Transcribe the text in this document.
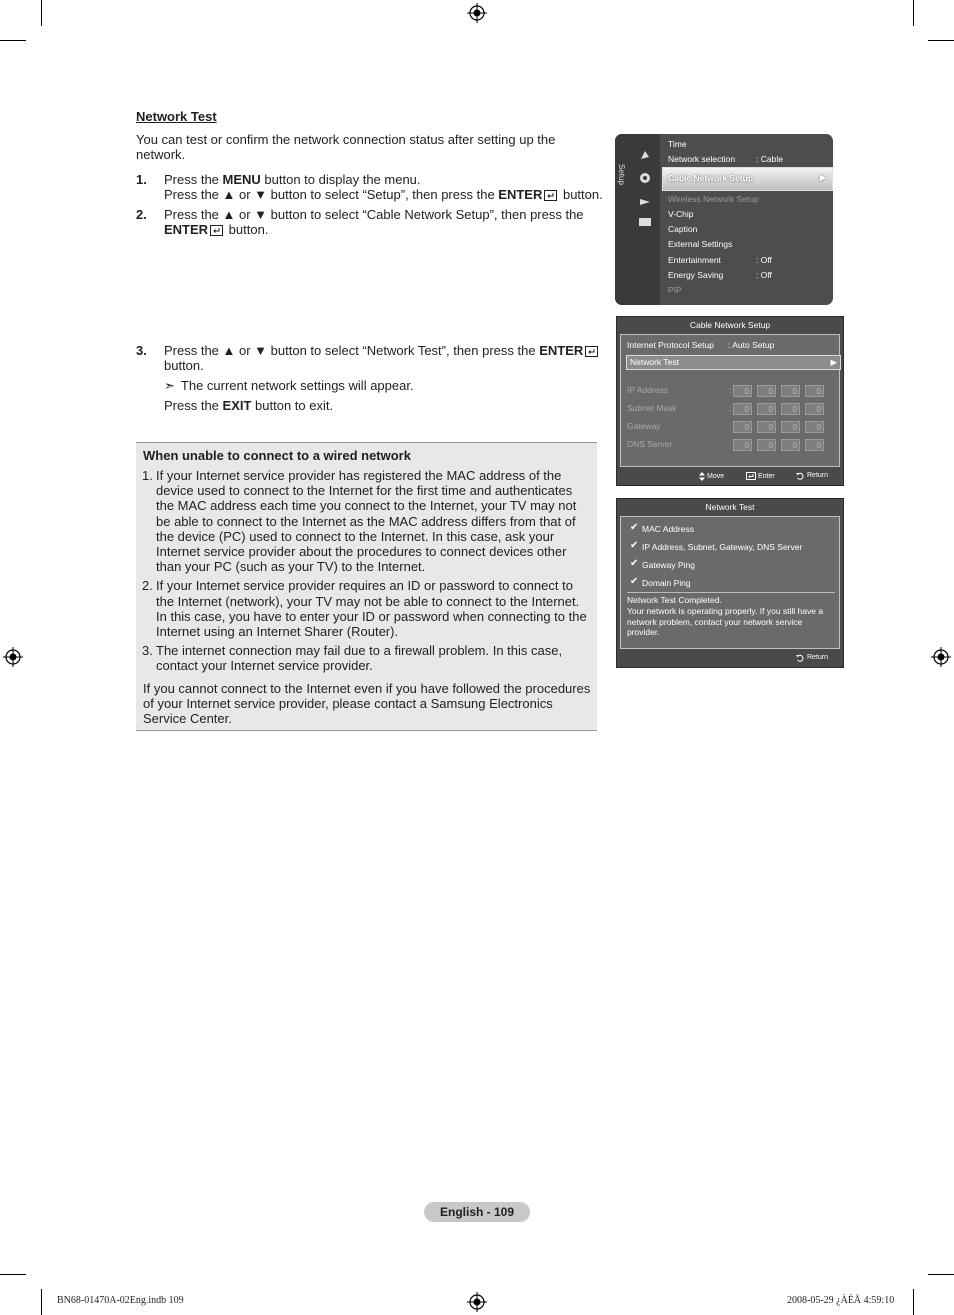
Network Test
You can test or confirm the network connection status after setting up the network.
1. Press the MENU button to display the menu.
Press the ▲ or ▼ button to select “Setup”, then press the ENTER button.
2. Press the ▲ or ▼ button to select “Cable Network Setup”, then press the
ENTER button.
3. Press the ▲ or ▼ button to select “Network Test”, then press the ENTER
button.
➣ The current network settings will appear.
Press the EXIT button to exit.
When unable to connect to a wired network
1. If your Internet service provider has registered the MAC address of the device used to connect to the Internet for the first time and authenticates the MAC address each time you connect to the Internet, your TV may not be able to connect to the Internet as the MAC address differs from that of the device (PC) used to connect to the Internet. In this case, ask your Internet service provider about the procedures to connect devices other than your PC (such as your TV) to the Internet.
2. If your Internet service provider requires an ID or password to connect to the Internet (network), your TV may not be able to connect to the Internet. In this case, you have to enter your ID or password when connecting to the Internet using an Internet Sharer (Router).
3. The internet connection may fail due to a firewall problem. In this case, contact your Internet service provider.
If you cannot connect to the Internet even if you have followed the procedures of your Internet service provider, please contact a Samsung Electronics Service Center.
Setup
Time
Network selection : Cable
Cable Network Setup	▶
Wireless Network Setup
V-Chip
Caption
External Settings
Entertainment	: Off
Energy Saving	: Off
PIP
Cable Network Setup
Internet Protocol Setup : Auto Setup
Network Test	▶
IP Address	:	0	0	0	0
Subnet Mask	:	0	0	0	0
Gateway	:	0	0	0	0
DNS Server	:	0	0	0	0
Move	Enter	Return
Network Test
✔ MAC Address
✔ IP Address, Subnet, Gateway, DNS Server
✔ Gateway Ping
✔ Domain Ping
Network Test Completed.
Your network is operating properly. If you still have a network problem, contact your network service provider.
Return
English - 109
BN68-01470A-02Eng.indb 109	2008-05-29 ¿ÀÈÄ 4:59:10
